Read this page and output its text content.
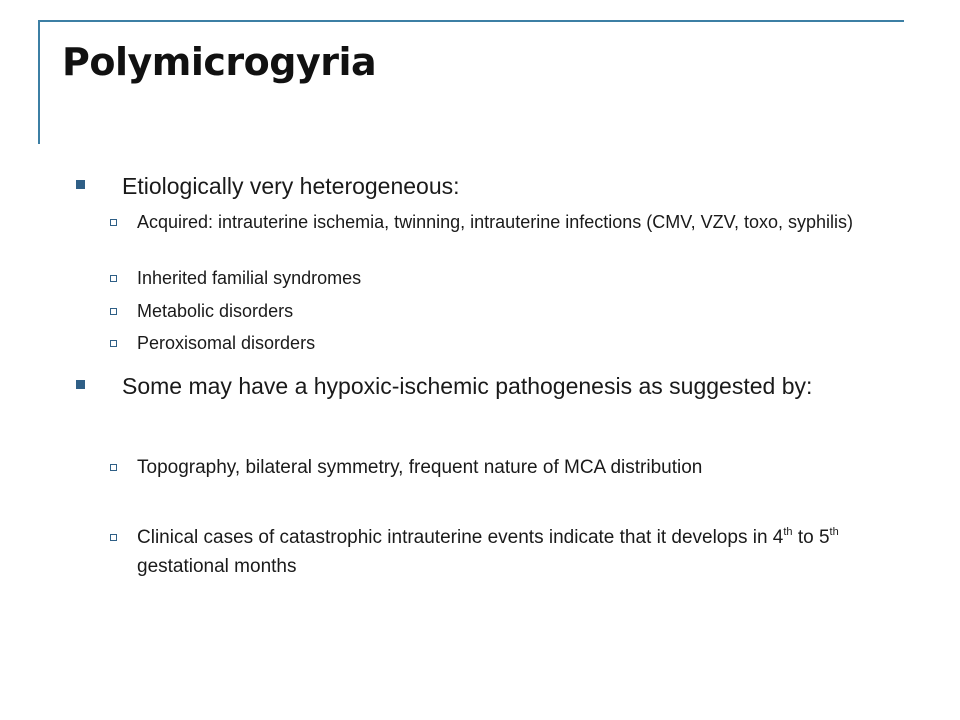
Polymicrogyria
Etiologically very heterogeneous:
Acquired: intrauterine ischemia, twinning, intrauterine infections (CMV, VZV, toxo, syphilis)
Inherited familial syndromes
Metabolic disorders
Peroxisomal disorders
Some may have a hypoxic-ischemic pathogenesis as suggested by:
Topography, bilateral symmetry, frequent nature of MCA distribution
Clinical cases of catastrophic intrauterine events indicate that it develops in 4th to 5th gestational months
